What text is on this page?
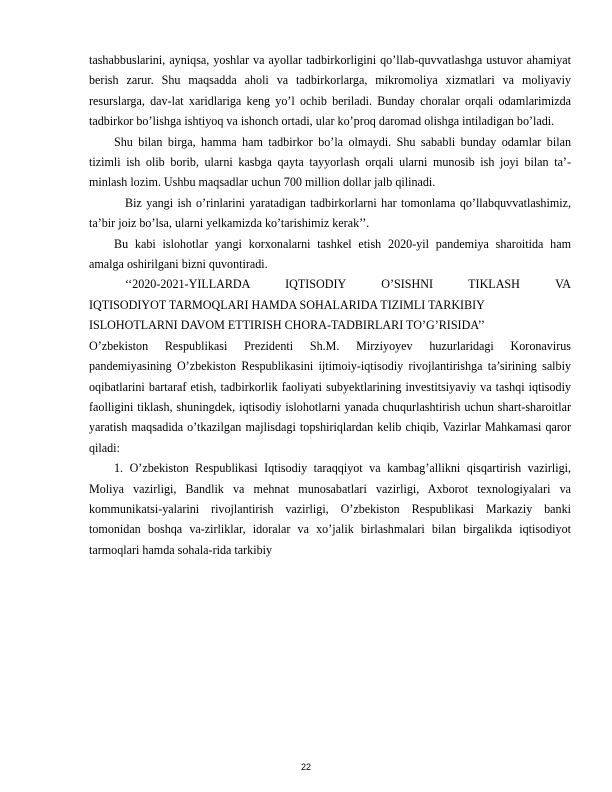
tashabbuslarini, ayniqsa, yoshlar va ayollar tadbirkorligini qo’llab-quvvatlashga ustuvor ahamiyat berish zarur. Shu maqsadda aholi va tadbirkorlarga, mikromoliya xizmatlari va moliyaviy resurslarga, dav-lat xaridlariga keng yo’l ochib beriladi. Bunday choralar orqali odamlarimizda tadbirkor bo’lishga ishtiyoq va ishonch ortadi, ular ko’proq daromad olishga intiladigan bo’ladi.

Shu bilan birga, hamma ham tadbirkor bo’la olmaydi. Shu sababli bunday odamlar bilan tizimli ish olib borib, ularni kasbga qayta tayyorlash orqali ularni munosib ish joyi bilan ta’-minlash lozim. Ushbu maqsadlar uchun 700 million dollar jalb qilinadi.

Biz yangi ish o’rinlarini yaratadigan tadbirkorlarni har tomonlama qo’llabquvvatlashimiz, ta’bir joiz bo’lsa, ularni yelkamizda ko’tarishimiz kerak’’.

Bu kabi islohotlar yangi korxonalarni tashkel etish 2020-yil pandemiya sharoitida ham amalga oshirilgani bizni quvontiradi.

‘‘2020-2021-YILLARDA IQTISODIY O’SISHNI TIKLASH VA
IQTISODIYOT TARMOQLARI HAMDA SOHALARIDA TIZIMLI TARKIBIY
ISLOHOTLARNI DAVOM ETTIRISH CHORA-TADBIRLARI TO’G’RISIDA’’

O’zbekiston Respublikasi Prezidenti Sh.M. Mirziyoyev huzurlaridagi Koronavirus pandemiyasining O’zbekiston Respublikasini ijtimoiy-iqtisodiy rivojlantirishga ta’sirining salbiy oqibatlarini bartaraf etish, tadbirkorlik faoliyati subyektlarining investitsiyaviy va tashqi iqtisodiy faolligini tiklash, shuningdek, iqtisodiy islohotlarni yanada chuqurlashtirish uchun shart-sharoitlar yaratish maqsadida o’tkazilgan majlisdagi topshiriqlardan kelib chiqib, Vazirlar Mahkamasi qaror qiladi:

1. O’zbekiston Respublikasi Iqtisodiy taraqqiyot va kambag’allikni qisqartirish vazirligi, Moliya vazirligi, Bandlik va mehnat munosabatlari vazirligi, Axborot texnologiyalari va kommunikatsi-yalarini rivojlantirish vazirligi, O’zbekiston Respublikasi Markaziy banki tomonidan boshqa va-zirliklar, idoralar va xo’jalik birlashmalari bilan birgalikda iqtisodiyot tarmoqlari hamda sohala-rida tarkibiy

22
